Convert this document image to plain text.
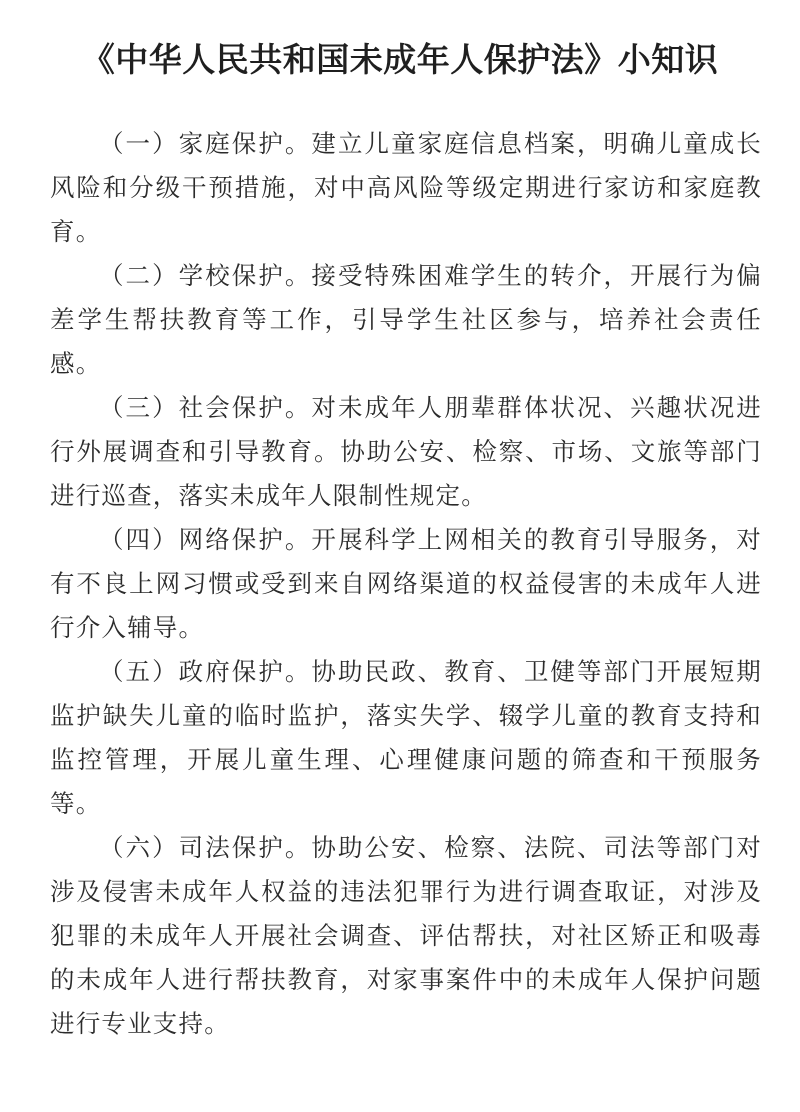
《中华人民共和国未成年人保护法》小知识

（一）家庭保护。建立儿童家庭信息档案，明确儿童成长风险和分级干预措施，对中高风险等级定期进行家访和家庭教育。

（二）学校保护。接受特殊困难学生的转介，开展行为偏差学生帮扶教育等工作，引导学生社区参与，培养社会责任感。

（三）社会保护。对未成年人朋辈群体状况、兴趣状况进行外展调查和引导教育。协助公安、检察、市场、文旅等部门进行巡查，落实未成年人限制性规定。

（四）网络保护。开展科学上网相关的教育引导服务，对有不良上网习惯或受到来自网络渠道的权益侵害的未成年人进行介入辅导。

（五）政府保护。协助民政、教育、卫健等部门开展短期监护缺失儿童的临时监护，落实失学、辍学儿童的教育支持和监控管理，开展儿童生理、心理健康问题的筛查和干预服务等。

（六）司法保护。协助公安、检察、法院、司法等部门对涉及侵害未成年人权益的违法犯罪行为进行调查取证，对涉及犯罪的未成年人开展社会调查、评估帮扶，对社区矫正和吸毒的未成年人进行帮扶教育，对家事案件中的未成年人保护问题进行专业支持。
